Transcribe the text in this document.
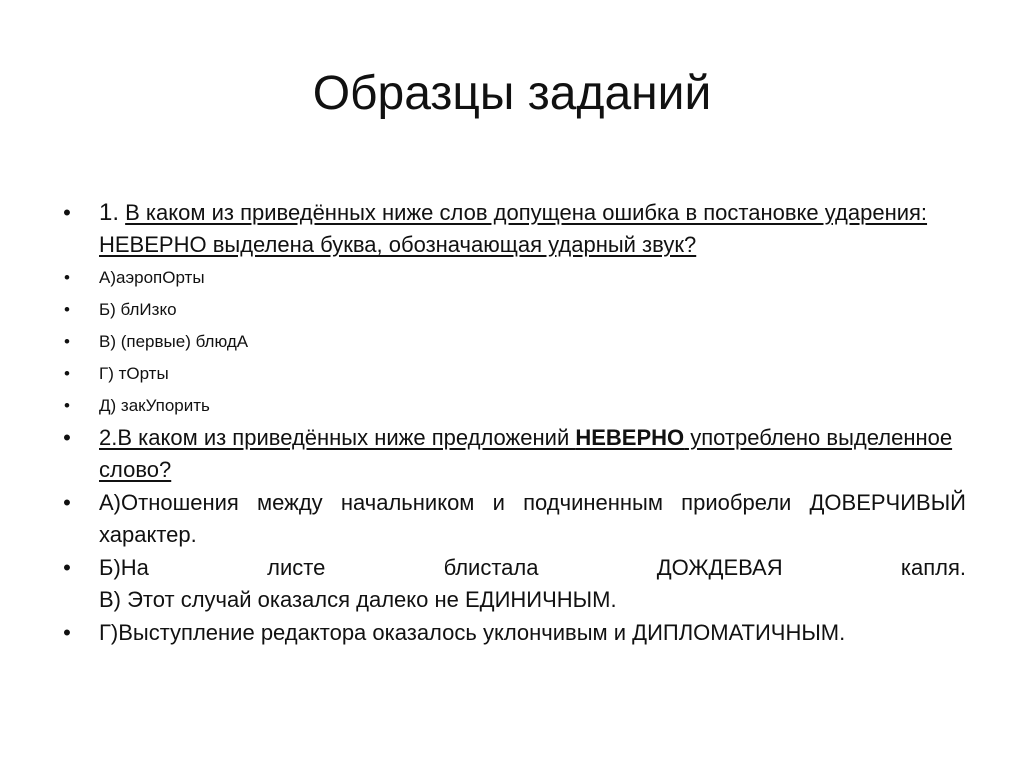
Образцы заданий
• 1. В каком из приведённых ниже слов допущена ошибка в постановке ударения: НЕВЕРНО выделена буква, обозначающая ударный звук?
• А)аэропОрты
• Б) блИзко
• В) (первые) блюдА
• Г) тОрты
• Д) закУпорить
• 2.В каком из приведённых ниже предложений НЕВЕРНО употреблено выделенное слово?
• А)Отношения между начальником и подчиненным приобрели ДОВЕРЧИВЫЙ характер.
• Б)На листе блистала ДОЖДЕВАЯ капля.
В) Этот случай оказался далеко не ЕДИНИЧНЫМ.
• Г)Выступление редактора оказалось уклончивым и ДИПЛОМАТИЧНЫМ.
